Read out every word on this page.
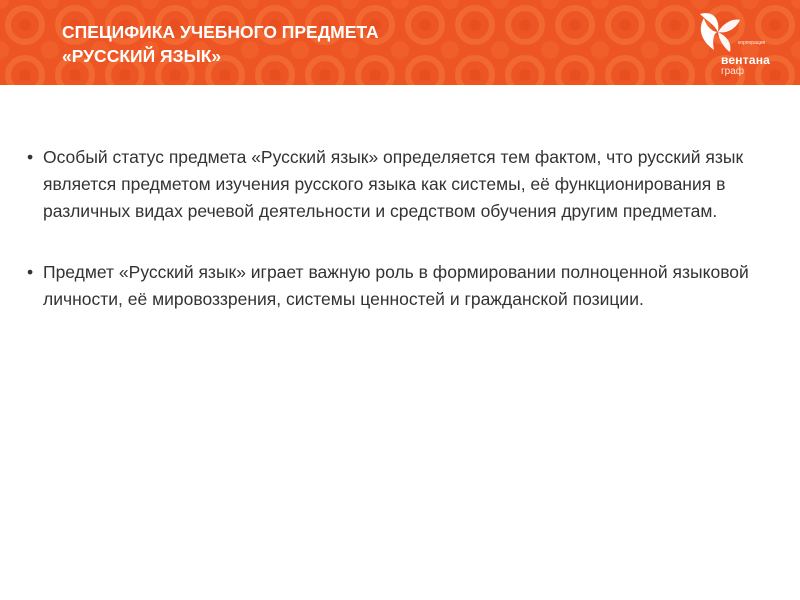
СПЕЦИФИКА УЧЕБНОГО ПРЕДМЕТА
«РУССКИЙ ЯЗЫК»
корпорация
вентана
граф

• Особый статус предмета «Русский язык» определяется тем фактом, что русский язык является предметом изучения русского языка как системы, её функционирования в различных видах речевой деятельности и средством обучения другим предметам.

• Предмет «Русский язык» играет важную роль в формировании полноценной языковой личности, её мировоззрения, системы ценностей и гражданской позиции.
